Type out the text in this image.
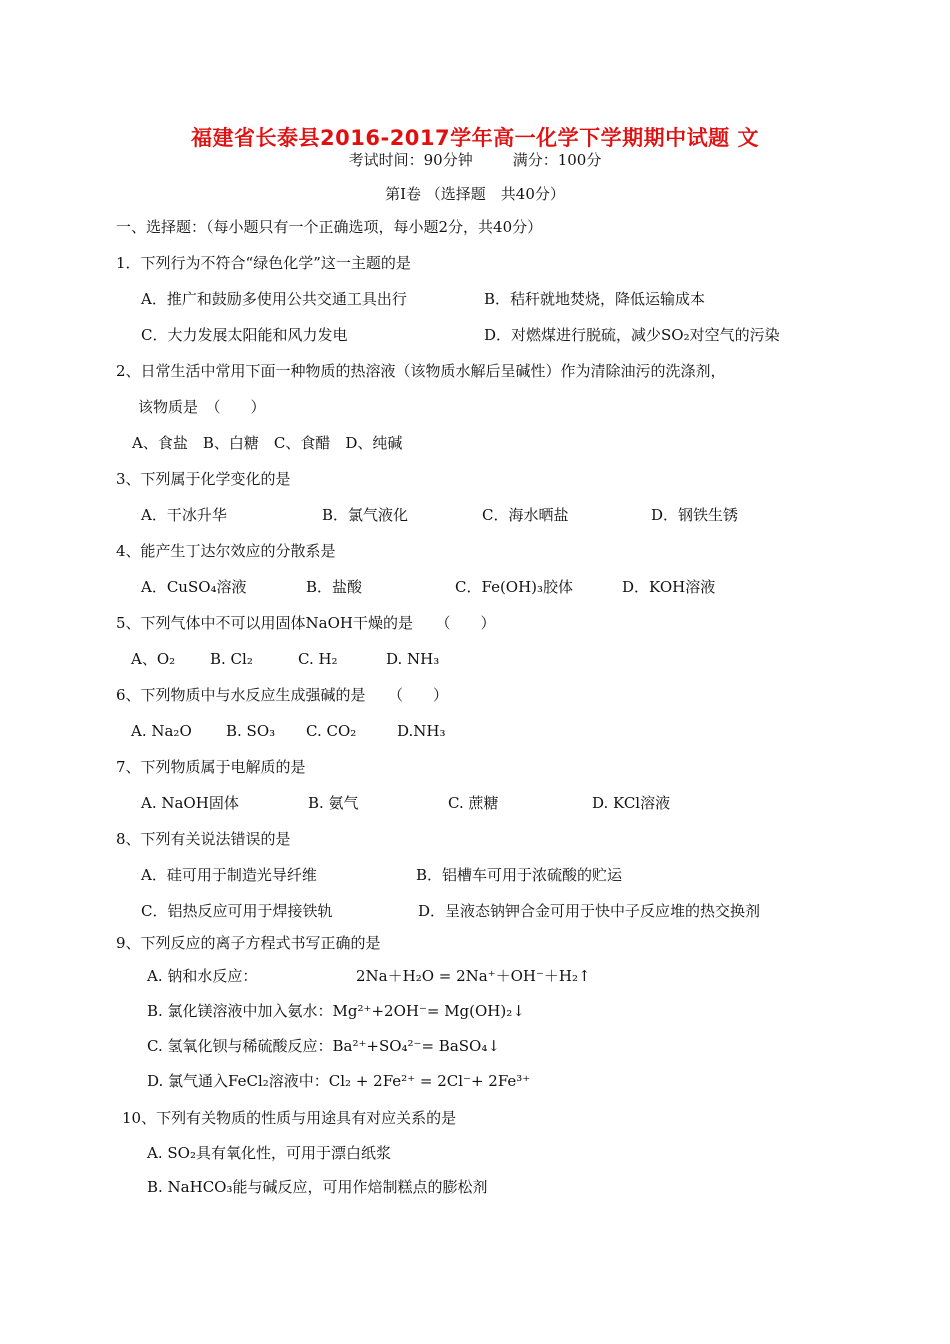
福建省长泰县2016-2017学年高一化学下学期期中试题 文
考试时间：90分钟	满分：100分
第Ⅰ卷 （选择题　共40分）
一、选择题：（每小题只有一个正确选项，每小题2分，共40分）
1．下列行为不符合“绿色化学”这一主题的是
A．推广和鼓励多使用公共交通工具出行	B．秸秆就地焚烧，降低运输成本
C．大力发展太阳能和风力发电	D．对燃煤进行脱硫，减少SO₂对空气的污染
2、日常生活中常用下面一种物质的热溶液（该物质水解后呈碱性）作为清除油污的洗涤剂，
该物质是　（　　）
A、食盐　B、白糖　C、食醋　D、纯碱
3、下列属于化学变化的是
A．干冰升华	B．氯气液化	C．海水晒盐	D．钢铁生锈
4、能产生丁达尔效应的分散系是
A．CuSO₄溶液	B．盐酸	C．Fe(OH)₃胶体	D．KOH溶液
5、下列气体中不可以用固体NaOH干燥的是　　（　　）
A、O₂ B. Cl₂	C. H₂	D. NH₃
6、下列物质中与水反应生成强碱的是　　（　　）
A. Na₂O B. SO₃ C. CO₂	D.NH₃
7、下列物质属于电解质的是
A. NaOH固体	B. 氨气	C. 蔗糖	D. KCl溶液
8、下列有关说法错误的是
A．硅可用于制造光导纤维	B．铝槽车可用于浓硫酸的贮运
C．铝热反应可用于焊接铁轨	D．呈液态钠钾合金可用于快中子反应堆的热交换剂
9、下列反应的离子方程式书写正确的是
A. 钠和水反应：	2Na＋H₂O = 2Na⁺＋OH⁻＋H₂↑
B. 氯化镁溶液中加入氨水：Mg²⁺+2OH⁻= Mg(OH)₂↓
C. 氢氧化钡与稀硫酸反应：Ba²⁺+SO₄²⁻= BaSO₄↓
D. 氯气通入FeCl₂溶液中：Cl₂ + 2Fe²⁺ = 2Cl⁻+ 2Fe³⁺
10、下列有关物质的性质与用途具有对应关系的是
A. SO₂具有氧化性，可用于漂白纸浆
B. NaHCO₃能与碱反应，可用作焙制糕点的膨松剂
